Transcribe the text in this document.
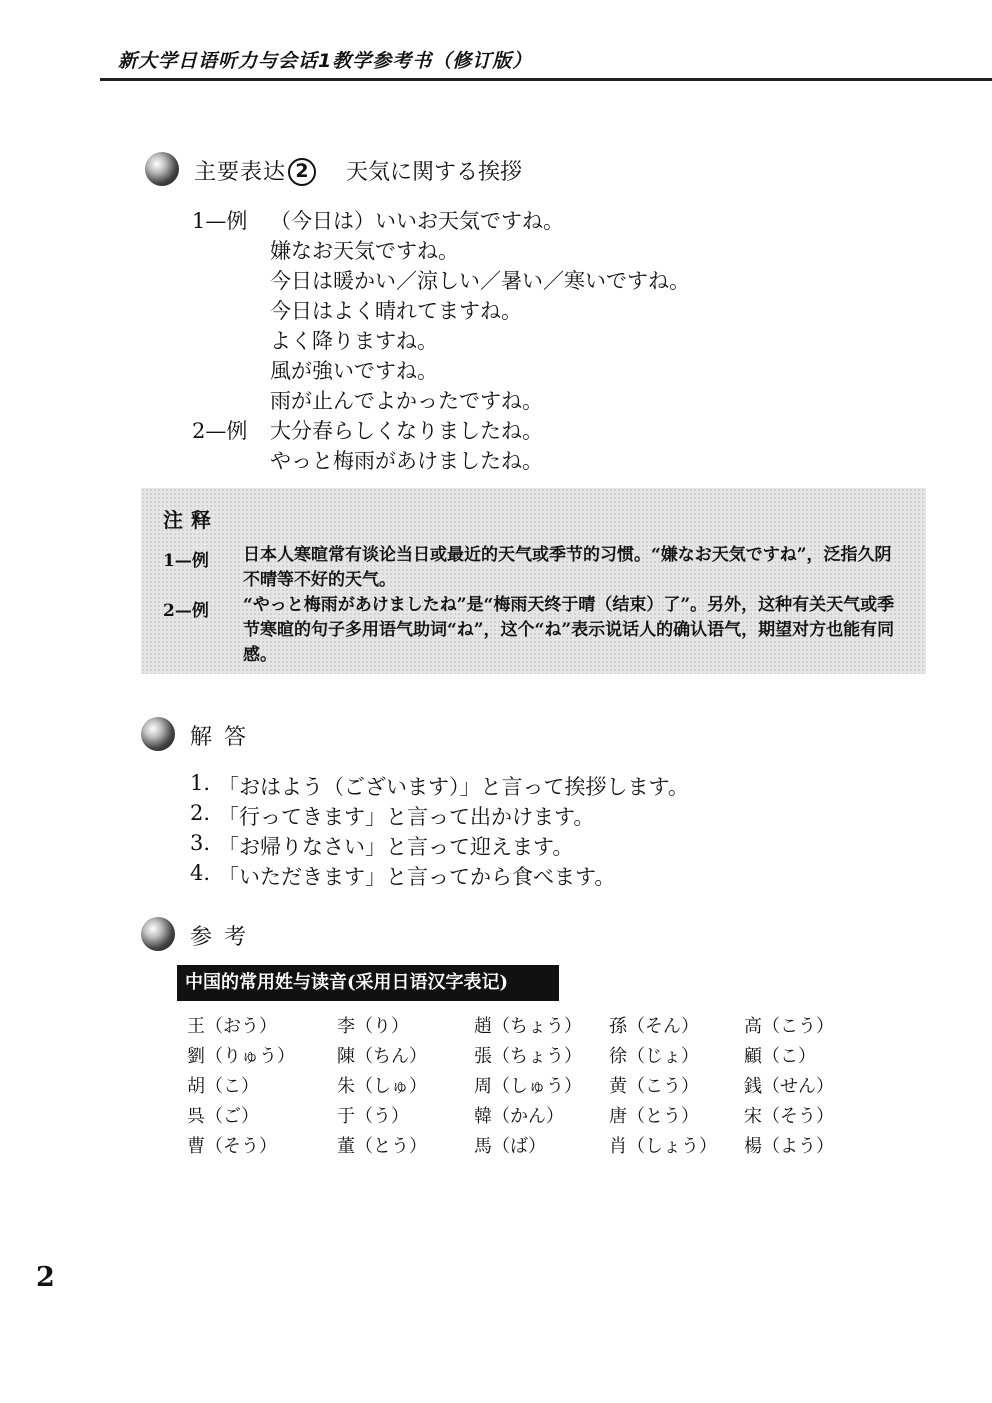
新大学日语听力与会话1教学参考书（修订版）
主要表达 2 天気に関する挨拶
1—例 （今日は）いいお天気ですね。
嫌なお天気ですね。
今日は暖かい／涼しい／暑い／寒いですね。
今日はよく晴れてますね。
よく降りますね。
風が強いですね。
雨が止んでよかったですね。
2—例 大分春らしくなりましたね。
やっと梅雨があけましたね。
注释
1—例 日本人寒暄常有谈论当日或最近的天气或季节的习惯。“嫌なお天気ですね”，泛指久阴不晴等不好的天气。
2—例 “やっと梅雨があけましたね”是“梅雨天终于晴（结束）了”。另外，这种有关天气或季节寒暄的句子多用语气助词“ね”，这个“ね”表示说话人的确认语气，期望对方也能有同感。
解答
1. 「おはよう（ございます）」と言って挨拶します。
2. 「行ってきます」と言って出かけます。
3. 「お帰りなさい」と言って迎えます。
4. 「いただきます」と言ってから食べます。
参考
中国的常用姓与读音(采用日语汉字表记)
王（おう）	李（り）	趙（ちょう） 孫（そん）	高（こう）
劉（りゅう） 陳（ちん）	張（ちょう） 徐（じょ）	顧（こ）
胡（こ）	朱（しゅ）	周（しゅう） 黄（こう）	銭（せん）
呉（ご）	于（う）	韓（かん）	唐（とう）	宋（そう）
曹（そう）	董（とう）	馬（ば）	肖（しょう） 楊（よう）
2
